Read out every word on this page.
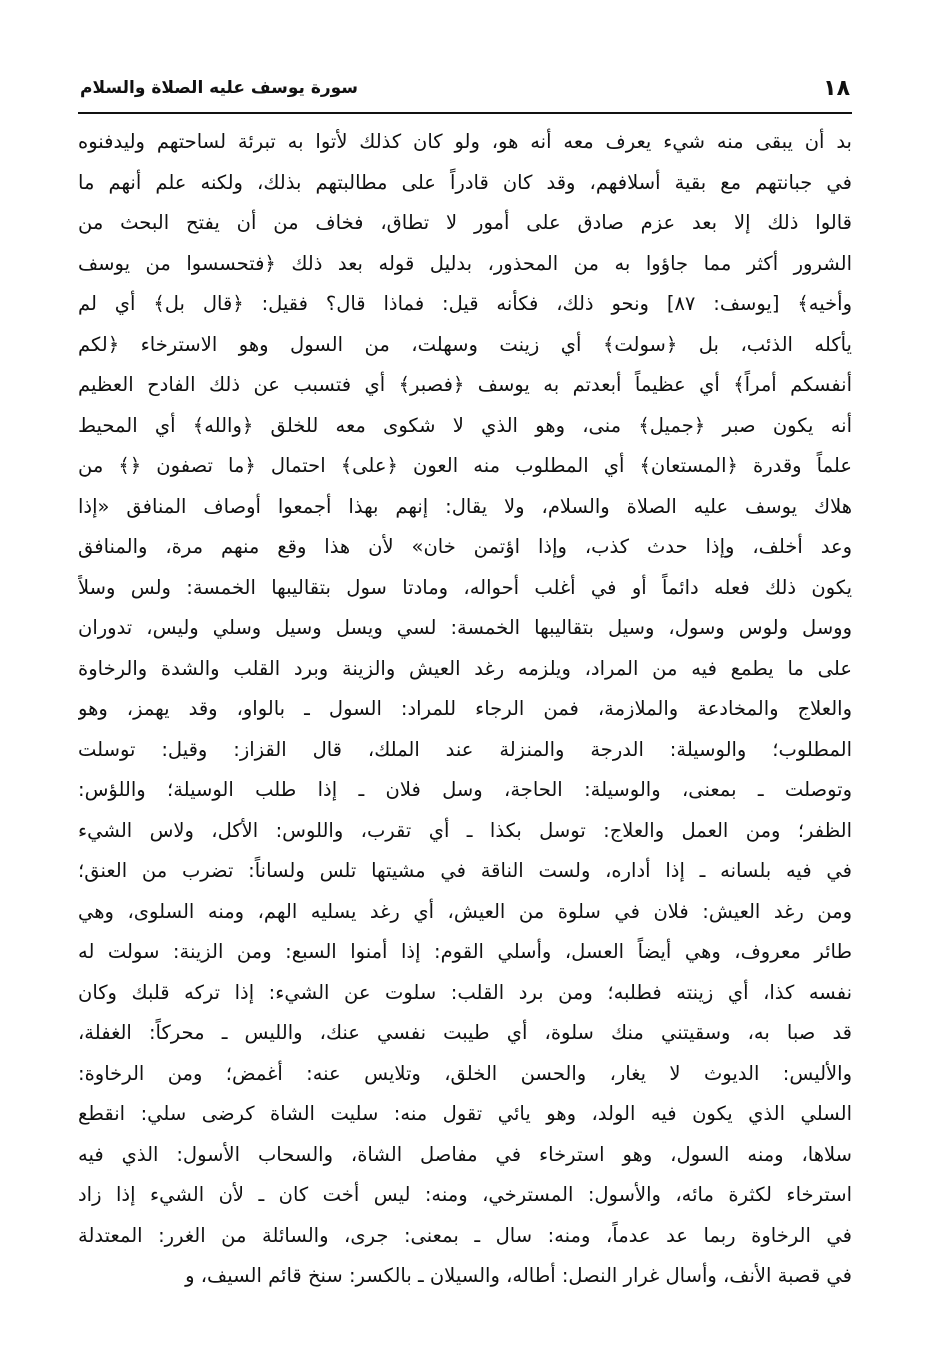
١٨
سورة يوسف عليه الصلاة والسلام
بد أن يبقى منه شيء يعرف معه أنه هو، ولو كان كذلك لأتوا به تبرئة لساحتهم وليدفنوه
في جبانتهم مع بقية أسلافهم، وقد كان قادراً على مطالبتهم بذلك، ولكنه علم أنهم ما
قالوا ذلك إلا بعد عزم صادق على أمور لا تطاق، فخاف من أن يفتح البحث من
الشرور أكثر مما جاؤوا به من المحذور، بدليل قوله بعد ذلك ﴿فتحسسوا من يوسف
وأخيه﴾ [يوسف: ٨٧] ونحو ذلك، فكأنه قيل: فماذا قال؟ فقيل: ﴿قال بل﴾ أي لم
يأكله الذئب، بل ﴿سولت﴾ أي زينت وسهلت، من السول وهو الاسترخاء ﴿لكم
أنفسكم أمراً﴾ أي عظيماً أبعدتم به يوسف ﴿فصبر﴾ أي فتسبب عن ذلك الفادح العظيم
أنه يكون صبر ﴿جميل﴾ منى، وهو الذي لا شكوى معه للخلق ﴿والله﴾ أي المحيط
علماً وقدرة ﴿المستعان﴾ أي المطلوب منه العون ﴿على﴾ احتمال ﴿ما تصفون ﴿﴾ من
هلاك يوسف عليه الصلاة والسلام، ولا يقال: إنهم بهذا أجمعوا أوصاف المنافق «إذا
وعد أخلف، وإذا حدث كذب، وإذا اؤتمن خان» لأن هذا وقع منهم مرة، والمنافق
يكون ذلك فعله دائماً أو في أغلب أحواله، ومادتا سول بتقاليبها الخمسة: ولس وسلاً
ووسل ولوس وسول، وسيل بتقاليبها الخمسة: لسي ويسل وسيل وسلي وليس، تدوران
على ما يطمع فيه من المراد، ويلزمه رغد العيش والزينة وبرد القلب والشدة والرخاوة
والعلاج والمخادعة والملازمة، فمن الرجاء للمراد: السول ـ بالواو، وقد يهمز، وهو
المطلوب؛ والوسيلة: الدرجة والمنزلة عند الملك، قال القزاز: وقيل: توسلت
وتوصلت ـ بمعنى، والوسيلة: الحاجة، وسل فلان ـ إذا طلب الوسيلة؛ واللؤس:
الظفر؛ ومن العمل والعلاج: توسل بكذا ـ أي تقرب، واللوس: الأكل، ولاس الشيء
في فيه بلسانه ـ إذا أداره، ولست الناقة في مشيتها تلس ولساناً: تضرب من العنق؛
ومن رغد العيش: فلان في سلوة من العيش، أي رغد يسليه الهم، ومنه السلوى، وهي
طائر معروف، وهي أيضاً العسل، وأسلي القوم: إذا أمنوا السبع: ومن الزينة: سولت له
نفسه كذا، أي زينته فطلبه؛ ومن برد القلب: سلوت عن الشيء: إذا تركه قلبك وكان
قد صبا به، وسقيتني منك سلوة، أي طيبت نفسي عنك، والليس ـ محركاً: الغفلة،
والأليس: الديوث لا يغار، والحسن الخلق، وتلايس عنه: أغمض؛ ومن الرخاوة:
السلي الذي يكون فيه الولد، وهو يائي تقول منه: سليت الشاة كرضى سلي: انقطع
سلاها، ومنه السول، وهو استرخاء في مفاصل الشاة، والسحاب الأسول: الذي فيه
استرخاء لكثرة مائه، والأسول: المسترخي، ومنه: ليس أخت كان ـ لأن الشيء إذا زاد
في الرخاوة ربما عد عدماً، ومنه: سال ـ بمعنى: جرى، والسائلة من الغرر: المعتدلة
في قصبة الأنف، وأسال غرار النصل: أطاله، والسيلان ـ بالكسر: سنخ قائم السيف، و
